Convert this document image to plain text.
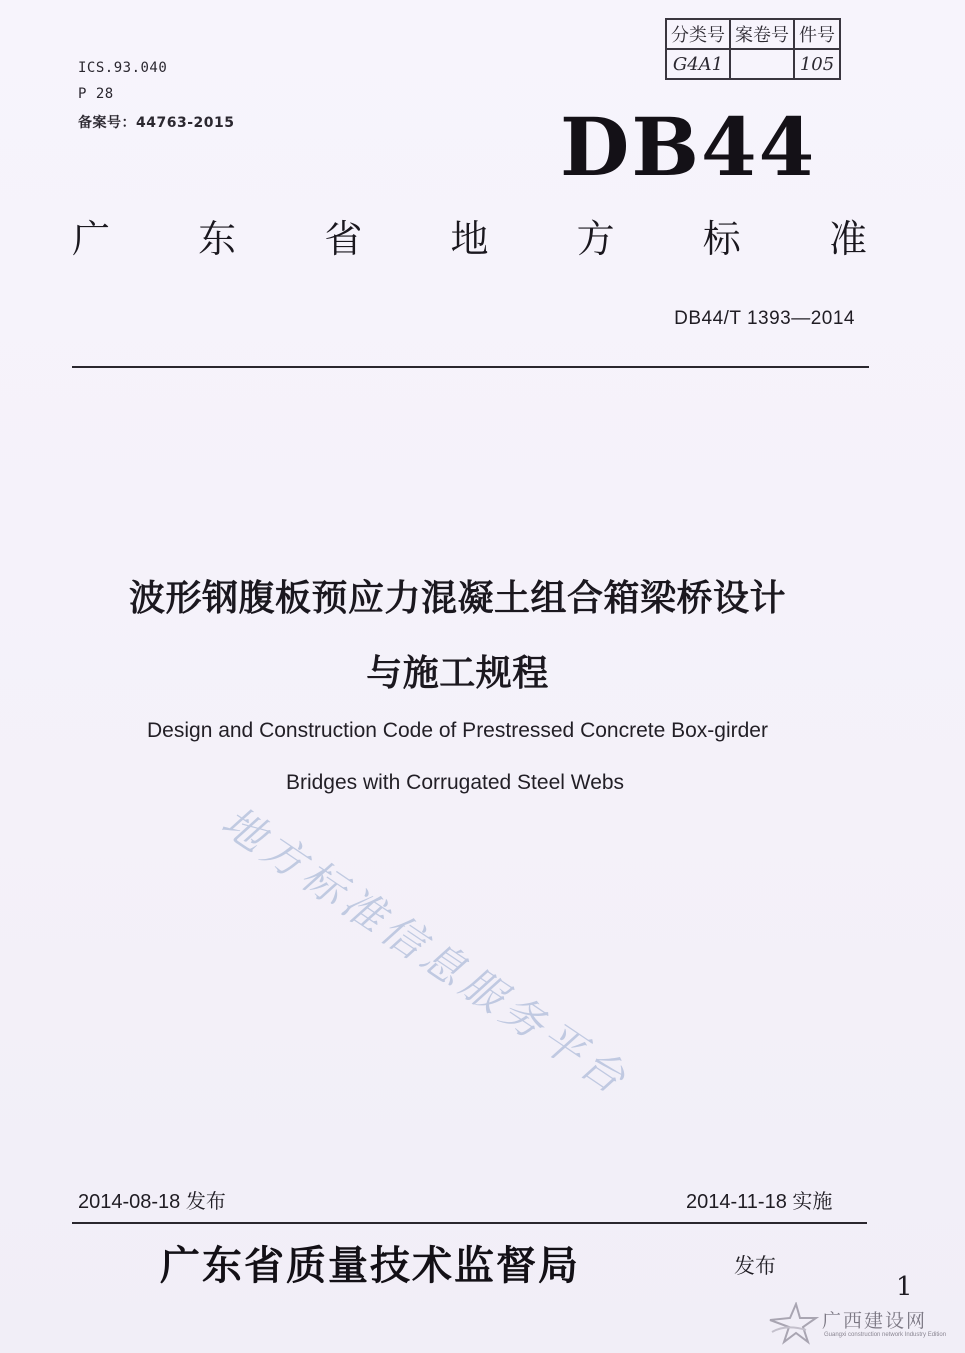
ICS.93.040
P 28
备案号：44763-2015
分类号	案卷号	件号
G4A1		105
DB44
广 东 省 地 方 标 准
DB44/T 1393—2014
波形钢腹板预应力混凝土组合箱梁桥设计
与施工规程
Design and Construction Code of Prestressed Concrete Box-girder
Bridges with Corrugated Steel Webs
地方标准信息服务平台
2014-08-18 发布	2014-11-18 实施
广东省质量技术监督局	发布
1
广西建设网
Guangxi construction network Industry Edition
